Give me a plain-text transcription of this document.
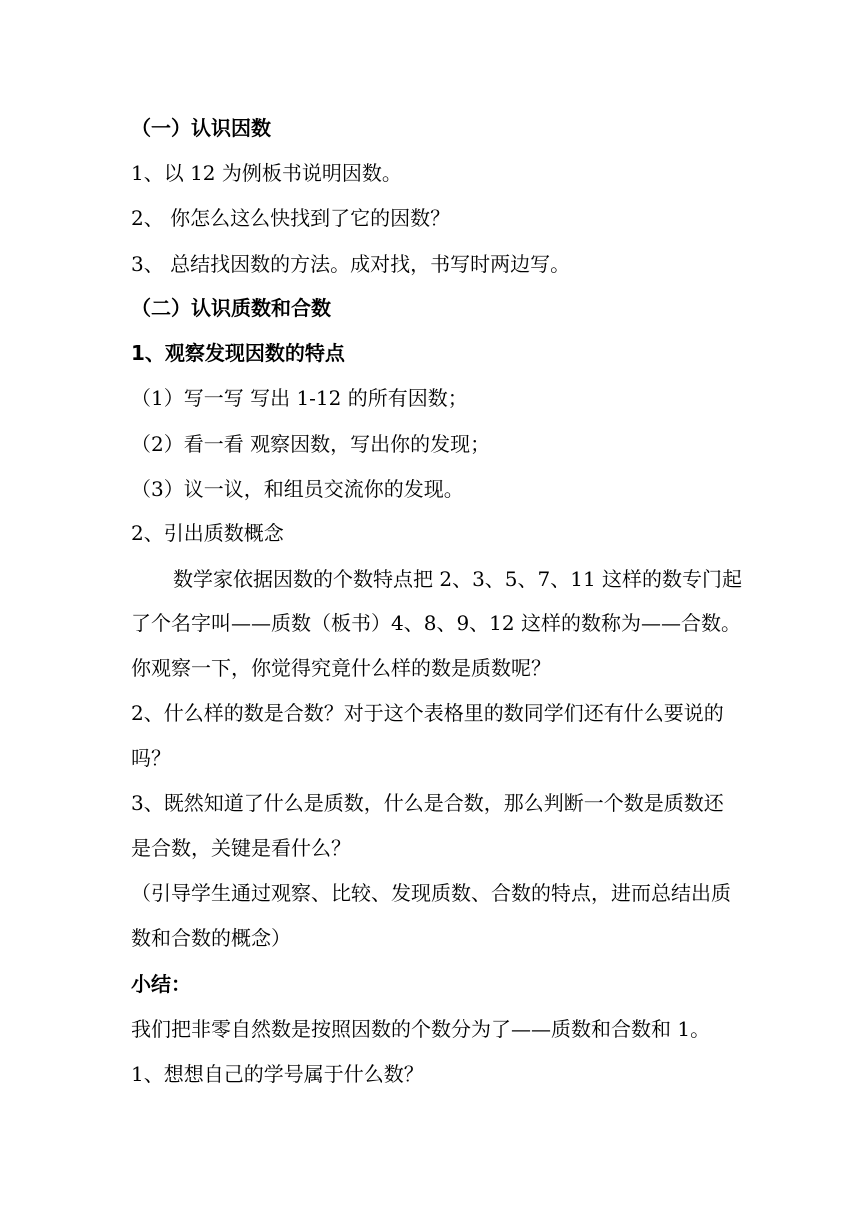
（一）认识因数
1、以 12 为例板书说明因数。
2、 你怎么这么快找到了它的因数？
3、 总结找因数的方法。成对找，书写时两边写。
（二）认识质数和合数
1、观察发现因数的特点
（1）写一写 写出 1-12 的所有因数；
（2）看一看 观察因数，写出你的发现；
（3）议一议，和组员交流你的发现。
2、引出质数概念
数学家依据因数的个数特点把 2、3、5、7、11 这样的数专门起
了个名字叫——质数（板书）4、8、9、12 这样的数称为——合数。
你观察一下，你觉得究竟什么样的数是质数呢？
2、什么样的数是合数？对于这个表格里的数同学们还有什么要说的
吗？
3、既然知道了什么是质数，什么是合数，那么判断一个数是质数还
是合数，关键是看什么？
（引导学生通过观察、比较、发现质数、合数的特点，进而总结出质
数和合数的概念）
小结：
我们把非零自然数是按照因数的个数分为了——质数和合数和 1。
1、想想自己的学号属于什么数？
